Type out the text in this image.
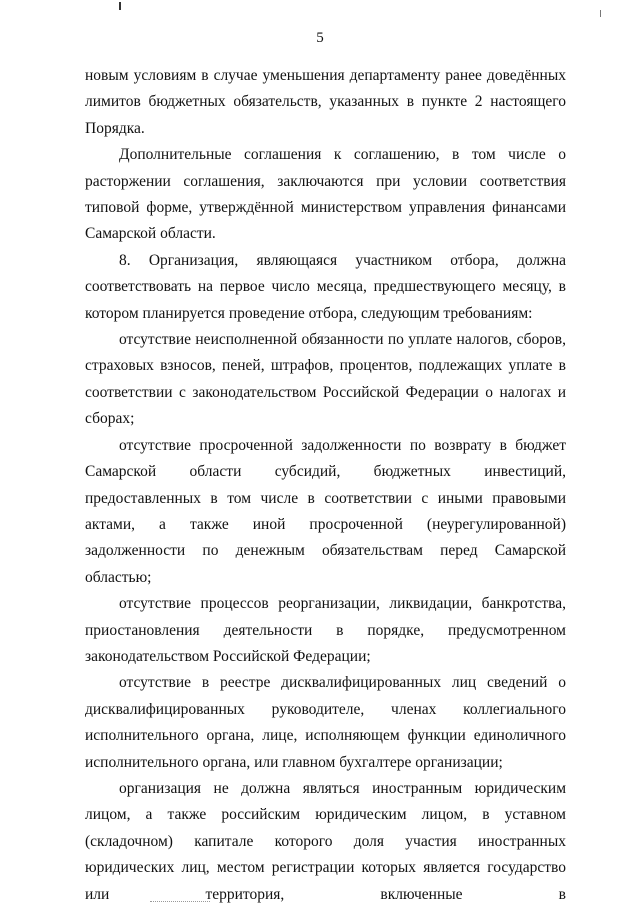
5

новым условиям в случае уменьшения департаменту ранее доведённых лимитов бюджетных обязательств, указанных в пункте 2 настоящего Порядка.

Дополнительные соглашения к соглашению, в том числе о расторжении соглашения, заключаются при условии соответствия типовой форме, утверждённой министерством управления финансами Самарской области.

8. Организация, являющаяся участником отбора, должна соответствовать на первое число месяца, предшествующего месяцу, в котором планируется проведение отбора, следующим требованиям:

отсутствие неисполненной обязанности по уплате налогов, сборов, страховых взносов, пеней, штрафов, процентов, подлежащих уплате в соответствии с законодательством Российской Федерации о налогах и сборах;

отсутствие просроченной задолженности по возврату в бюджет Самарской области субсидий, бюджетных инвестиций, предоставленных в том числе в соответствии с иными правовыми актами, а также иной просроченной (неурегулированной) задолженности по денежным обязательствам перед Самарской областью;

отсутствие процессов реорганизации, ликвидации, банкротства, приостановления деятельности в порядке, предусмотренном законодательством Российской Федерации;

отсутствие в реестре дисквалифицированных лиц сведений о дисквалифицированных руководителе, членах коллегиального исполнительного органа, лице, исполняющем функции единоличного исполнительного органа, или главном бухгалтере организации;

организация не должна являться иностранным юридическим лицом, а также российским юридическим лицом, в уставном (складочном) капитале которого доля участия иностранных юридических лиц, местом регистрации которых является государство или территория, включенные в
